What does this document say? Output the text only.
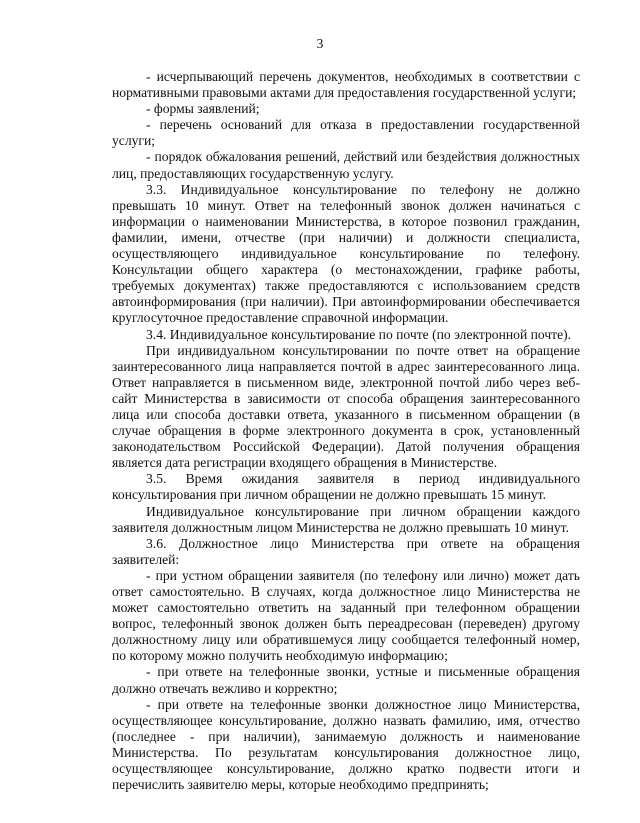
3

- исчерпывающий перечень документов, необходимых в соответствии с нормативными правовыми актами для предоставления государственной услуги;

- формы заявлений;

- перечень оснований для отказа в предоставлении государственной услуги;

- порядок обжалования решений, действий или бездействия должностных лиц, предоставляющих государственную услугу.

3.3. Индивидуальное консультирование по телефону не должно превышать 10 минут. Ответ на телефонный звонок должен начинаться с информации о наименовании Министерства, в которое позвонил гражданин, фамилии, имени, отчестве (при наличии) и должности специалиста, осуществляющего индивидуальное консультирование по телефону. Консультации общего характера (о местонахождении, графике работы, требуемых документах) также предоставляются с использованием средств автоинформирования (при наличии). При автоинформировании обеспечивается круглосуточное предоставление справочной информации.

3.4. Индивидуальное консультирование по почте (по электронной почте).

При индивидуальном консультировании по почте ответ на обращение заинтересованного лица направляется почтой в адрес заинтересованного лица. Ответ направляется в письменном виде, электронной почтой либо через веб-сайт Министерства в зависимости от способа обращения заинтересованного лица или способа доставки ответа, указанного в письменном обращении (в случае обращения в форме электронного документа в срок, установленный законодательством Российской Федерации). Датой получения обращения является дата регистрации входящего обращения в Министерстве.

3.5. Время ожидания заявителя в период индивидуального консультирования при личном обращении не должно превышать 15 минут.

Индивидуальное консультирование при личном обращении каждого заявителя должностным лицом Министерства не должно превышать 10 минут.

3.6. Должностное лицо Министерства при ответе на обращения заявителей:

- при устном обращении заявителя (по телефону или лично) может дать ответ самостоятельно. В случаях, когда должностное лицо Министерства не может самостоятельно ответить на заданный при телефонном обращении вопрос, телефонный звонок должен быть переадресован (переведен) другому должностному лицу или обратившемуся лицу сообщается телефонный номер, по которому можно получить необходимую информацию;

- при ответе на телефонные звонки, устные и письменные обращения должно отвечать вежливо и корректно;

- при ответе на телефонные звонки должностное лицо Министерства, осуществляющее консультирование, должно назвать фамилию, имя, отчество (последнее - при наличии), занимаемую должность и наименование Министерства. По результатам консультирования должностное лицо, осуществляющее консультирование, должно кратко подвести итоги и перечислить заявителю меры, которые необходимо предпринять;
